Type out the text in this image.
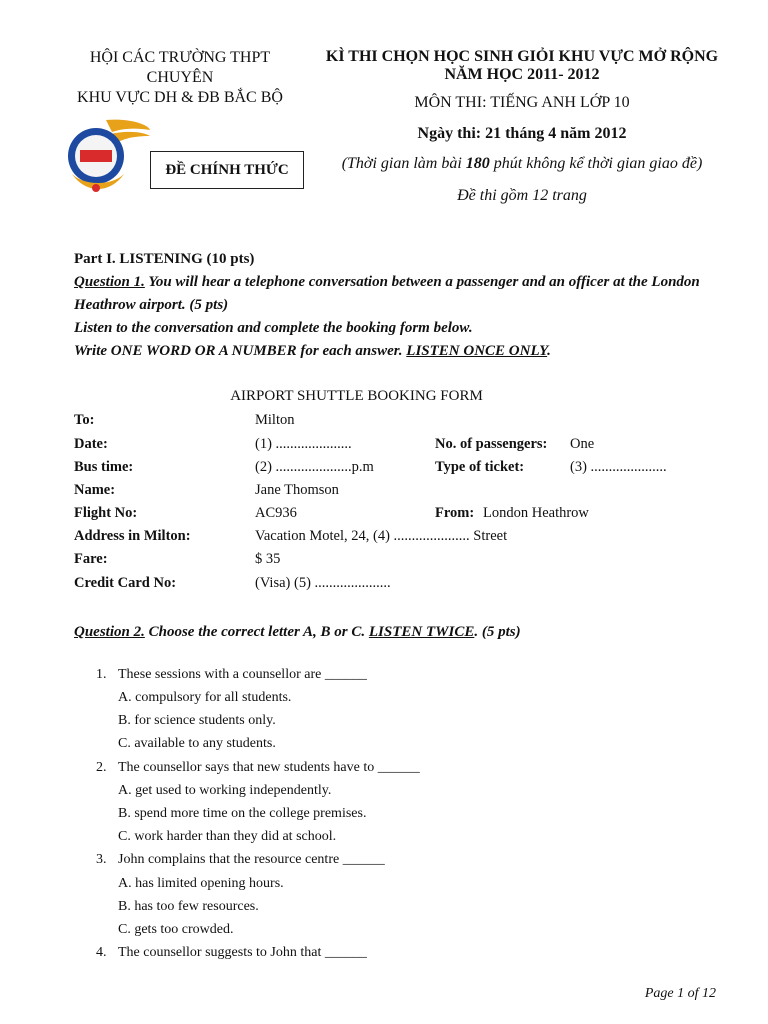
HỘI CÁC TRƯỜNG THPT
CHUYÊN
KHU VỰC DH & ĐB BẮC BỘ
ĐỀ CHÍNH THỨC
KÌ THI CHỌN HỌC SINH GIỎI KHU VỰC MỞ RỘNG NĂM HỌC 2011- 2012
MÔN THI: TIẾNG ANH LỚP 10
Ngày thi: 21 tháng 4 năm 2012
(Thời gian làm bài 180 phút không kể thời gian giao đề)
Đề thi gồm 12 trang
Part I. LISTENING (10 pts)
Question 1. You will hear a telephone conversation between a passenger and an officer at the London Heathrow airport. (5 pts)
Listen to the conversation and complete the booking form below.
Write ONE WORD OR A NUMBER for each answer. LISTEN ONCE ONLY.
AIRPORT SHUTTLE BOOKING FORM
To:	Milton
Date:	(1) .....................	No. of passengers: One
Bus time:	(2) .....................p.m	Type of ticket:	(3) .....................
Name:	Jane Thomson
Flight No:	AC936	From: London Heathrow
Address in Milton:	Vacation Motel, 24, (4) ..................... Street
Fare:	$ 35
Credit Card No:	(Visa) (5) .....................
Question 2. Choose the correct letter A, B or C. LISTEN TWICE. (5 pts)
1. These sessions with a counsellor are ______
A. compulsory for all students.
B. for science students only.
C. available to any students.
2. The counsellor says that new students have to ______
A. get used to working independently.
B. spend more time on the college premises.
C. work harder than they did at school.
3. John complains that the resource centre ______
A. has limited opening hours.
B. has too few resources.
C. gets too crowded.
4. The counsellor suggests to John that ______
Page 1 of 12
